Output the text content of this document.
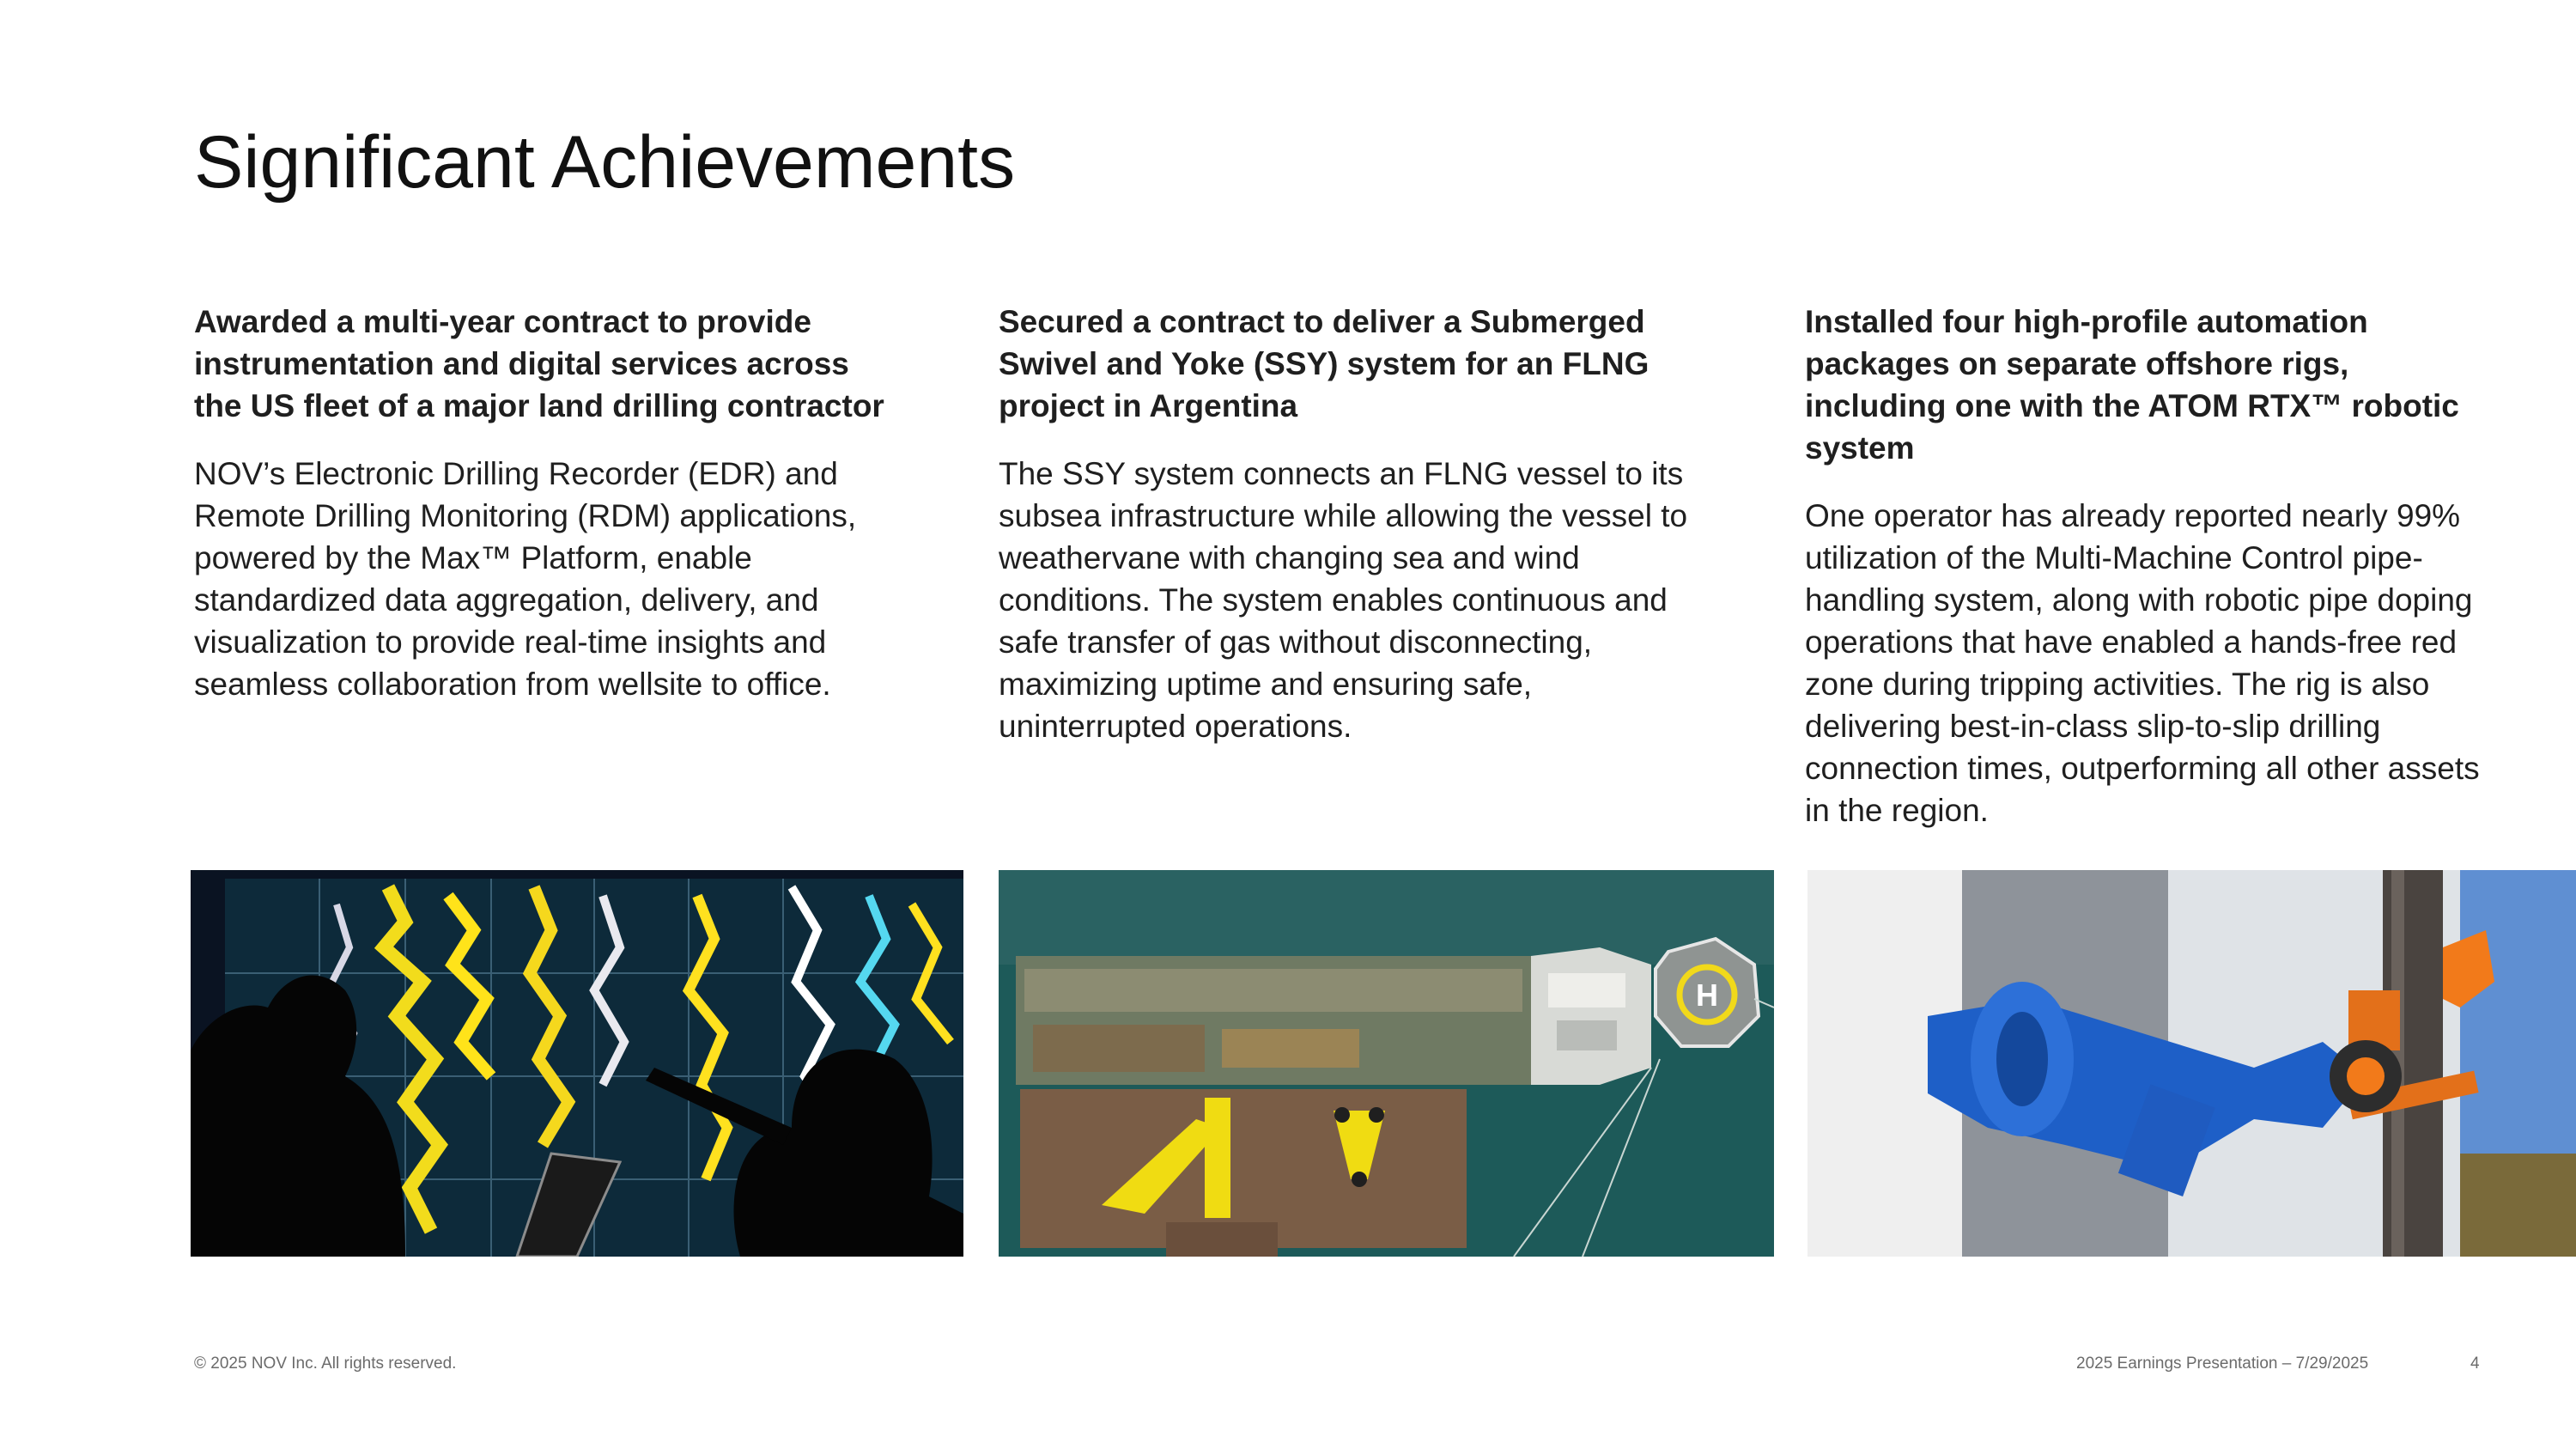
Significant Achievements

Awarded a multi-year contract to provide instrumentation and digital services across the US fleet of a major land drilling contractor

NOV’s Electronic Drilling Recorder (EDR) and Remote Drilling Monitoring (RDM) applications, powered by the Max™ Platform, enable standardized data aggregation, delivery, and visualization to provide real-time insights and seamless collaboration from wellsite to office.

Secured a contract to deliver a Submerged Swivel and Yoke (SSY) system for an FLNG project in Argentina

The SSY system connects an FLNG vessel to its subsea infrastructure while allowing the vessel to weathervane with changing sea and wind conditions. The system enables continuous and safe transfer of gas without disconnecting, maximizing uptime and ensuring safe, uninterrupted operations.

Installed four high-profile automation packages on separate offshore rigs, including one with the ATOM RTX™ robotic system

One operator has already reported nearly 99% utilization of the Multi-Machine Control pipe-handling system, along with robotic pipe doping operations that have enabled a hands-free red zone during tripping activities. The rig is also delivering best-in-class slip-to-slip drilling connection times, outperforming all other assets in the region.

H
© 2025 NOV Inc. All rights reserved.	2025 Earnings Presentation – 7/29/2025	4
